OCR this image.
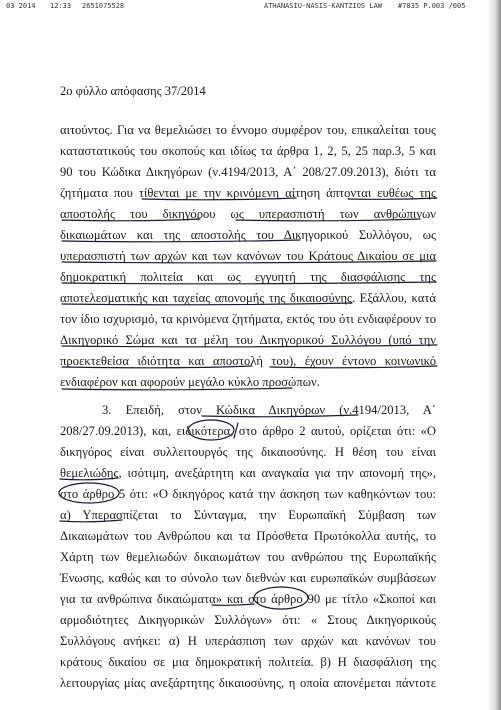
03 2014 12:33 2651075528	ATHANASIU-NASIS-KANTZIOS LAW #7835 P.003 /005
2ο φύλλο απόφασης 37/2014
αιτούντος. Για να θεμελιώσει το έννομο συμφέρον του, επικαλείται τους
καταστατικούς του σκοπούς και ιδίως τα άρθρα 1, 2, 5, 25 παρ.3, 5 και
90 του Κώδικα Δικηγόρων (ν.4194/2013, Α΄ 208/27.09.2013), διότι τα
ζητήματα που τίθενται με την κρινόμενη αίτηση άπτονται ευθέως της
αποστολής του δικηγόρου ως υπερασπιστή των ανθρώπινων
δικαιωμάτων και της αποστολής του Δικηγορικού Συλλόγου, ως
υπερασπιστή των αρχών και των κανόνων του Κράτους Δικαίου σε μια
δημοκρατική πολιτεία και ως εγγυητή της διασφάλισης της
αποτελεσματικής και ταχείας απονομής της δικαιοσύνης. Εξάλλου, κατά
τον ίδιο ισχυρισμό, τα κρινόμενα ζητήματα, εκτός του ότι ενδιαφέρουν το
Δικηγορικό Σώμα και τα μέλη του Δικηγορικού Συλλόγου (υπό την
προεκτεθείσα ιδιότητα και αποστολή του), έχουν έντονο κοινωνικό
ενδιαφέρον και αφορούν μεγάλο κύκλο προσώπων.
3. Επειδή, στον Κώδικα Δικηγόρων (ν.4194/2013, Α΄
208/27.09.2013), και, ειδικότερα, στο άρθρο 2 αυτού, ορίζεται ότι: «Ο
δικηγόρος είναι συλλειτουργός της δικαιοσύνης. Η θέση του είναι
θεμελιώδης, ισότιμη, ανεξάρτητη και αναγκαία για την απονομή της»,
στο άρθρο 5 ότι: «Ο δικηγόρος κατά την άσκηση των καθηκόντων του:
α) Υπερασπίζεται το Σύνταγμα, την Ευρωπαϊκή Σύμβαση των
Δικαιωμάτων του Ανθρώπου και τα Πρόσθετα Πρωτόκολλα αυτής, το
Χάρτη των θεμελιωδών δικαιωμάτων του ανθρώπου της Ευρωπαϊκής
Ένωσης, καθώς και το σύνολο των διεθνών και ευρωπαϊκών συμβάσεων
για τα ανθρώπινα δικαιώματα» και στο άρθρο 90 με τίτλο «Σκοποί και
αρμοδιότητες Δικηγορικών Συλλόγων» ότι: « Στους Δικηγορικούς
Συλλόγους ανήκει: α) Η υπεράσπιση των αρχών και κανόνων του
κράτους δικαίου σε μια δημοκρατική πολιτεία. β) Η διασφάλιση της
λειτουργίας μίας ανεξάρτητης δικαιοσύνης, η οποία απονέμεται πάντοτε
